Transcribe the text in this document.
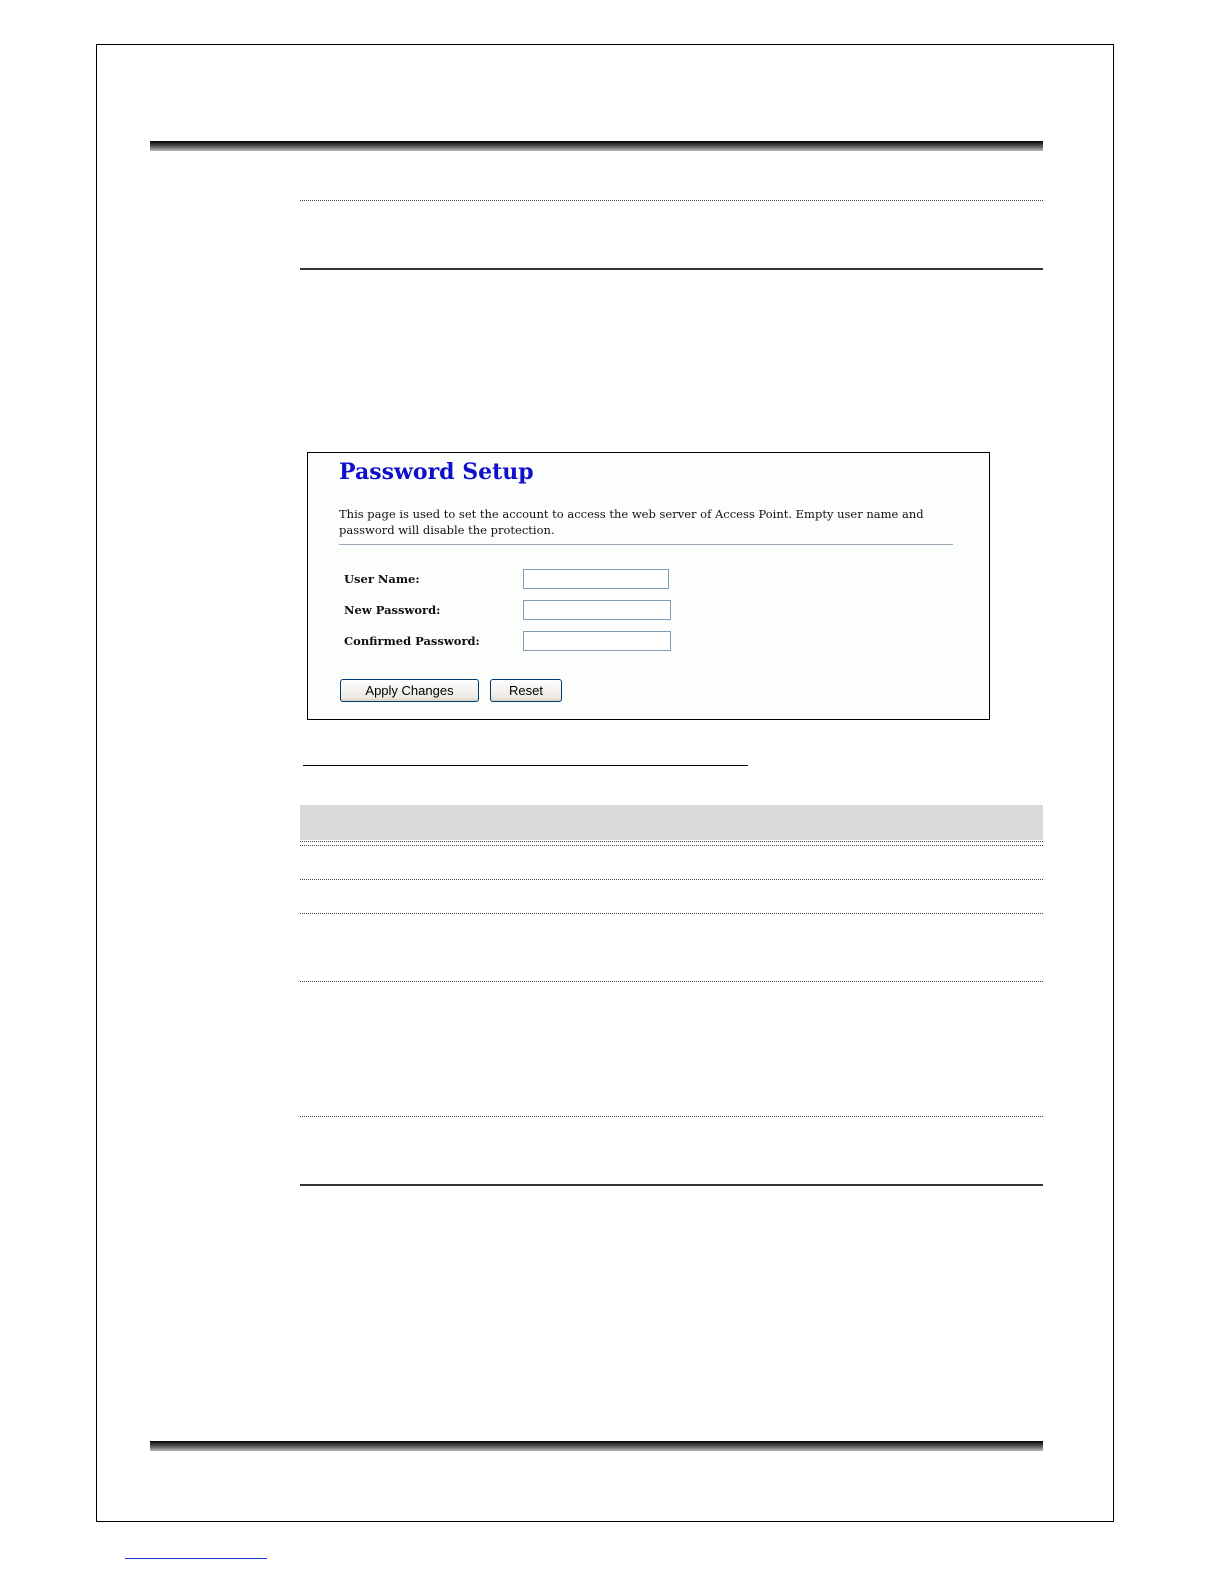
Password Setup

This page is used to set the account to access the web server of Access Point. Empty user name and password will disable the protection.

User Name:
New Password:
Confirmed Password:
Apply Changes	Reset
